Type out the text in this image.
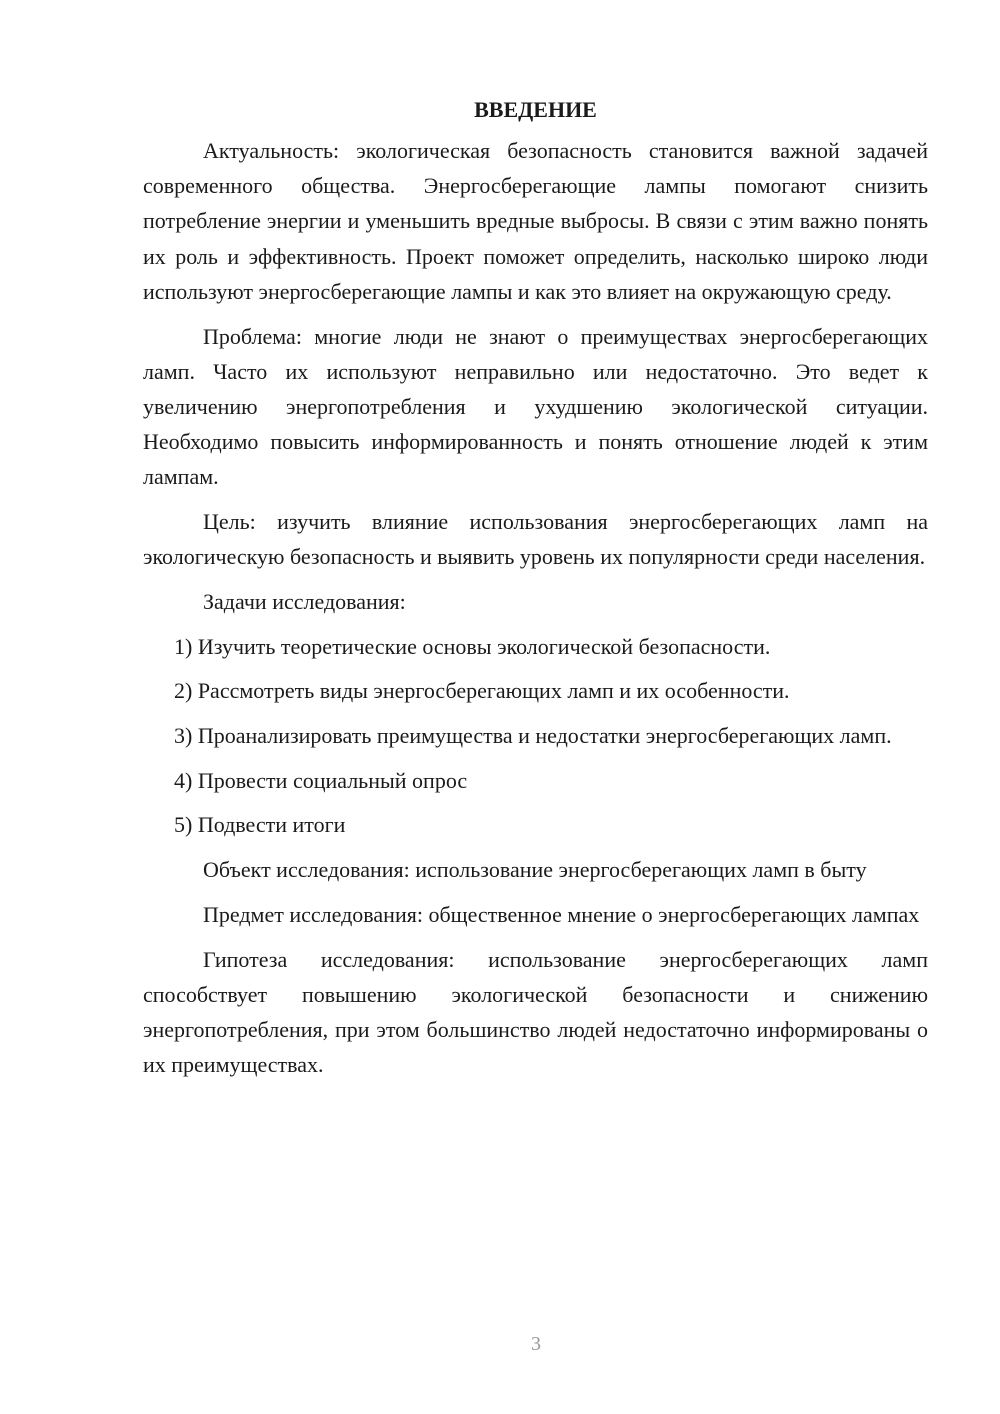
ВВЕДЕНИЕ

Актуальность: экологическая безопасность становится важной задачей современного общества. Энергосберегающие лампы помогают снизить потребление энергии и уменьшить вредные выбросы. В связи с этим важно понять их роль и эффективность. Проект поможет определить, насколько широко люди используют энергосберегающие лампы и как это влияет на окружающую среду.

Проблема: многие люди не знают о преимуществах энергосберегающих ламп. Часто их используют неправильно или недостаточно. Это ведет к увеличению энергопотребления и ухудшению экологической ситуации. Необходимо повысить информированность и понять отношение людей к этим лампам.

Цель: изучить влияние использования энергосберегающих ламп на экологическую безопасность и выявить уровень их популярности среди населения.

Задачи исследования:

1) Изучить теоретические основы экологической безопасности.

2) Рассмотреть виды энергосберегающих ламп и их особенности.

3) Проанализировать преимущества и недостатки энергосберегающих ламп.

4) Провести социальный опрос

5) Подвести итоги

Объект исследования: использование энергосберегающих ламп в быту

Предмет исследования: общественное мнение о энергосберегающих лампах

Гипотеза исследования: использование энергосберегающих ламп способствует повышению экологической безопасности и снижению энергопотребления, при этом большинство людей недостаточно информированы о их преимуществах.

3
